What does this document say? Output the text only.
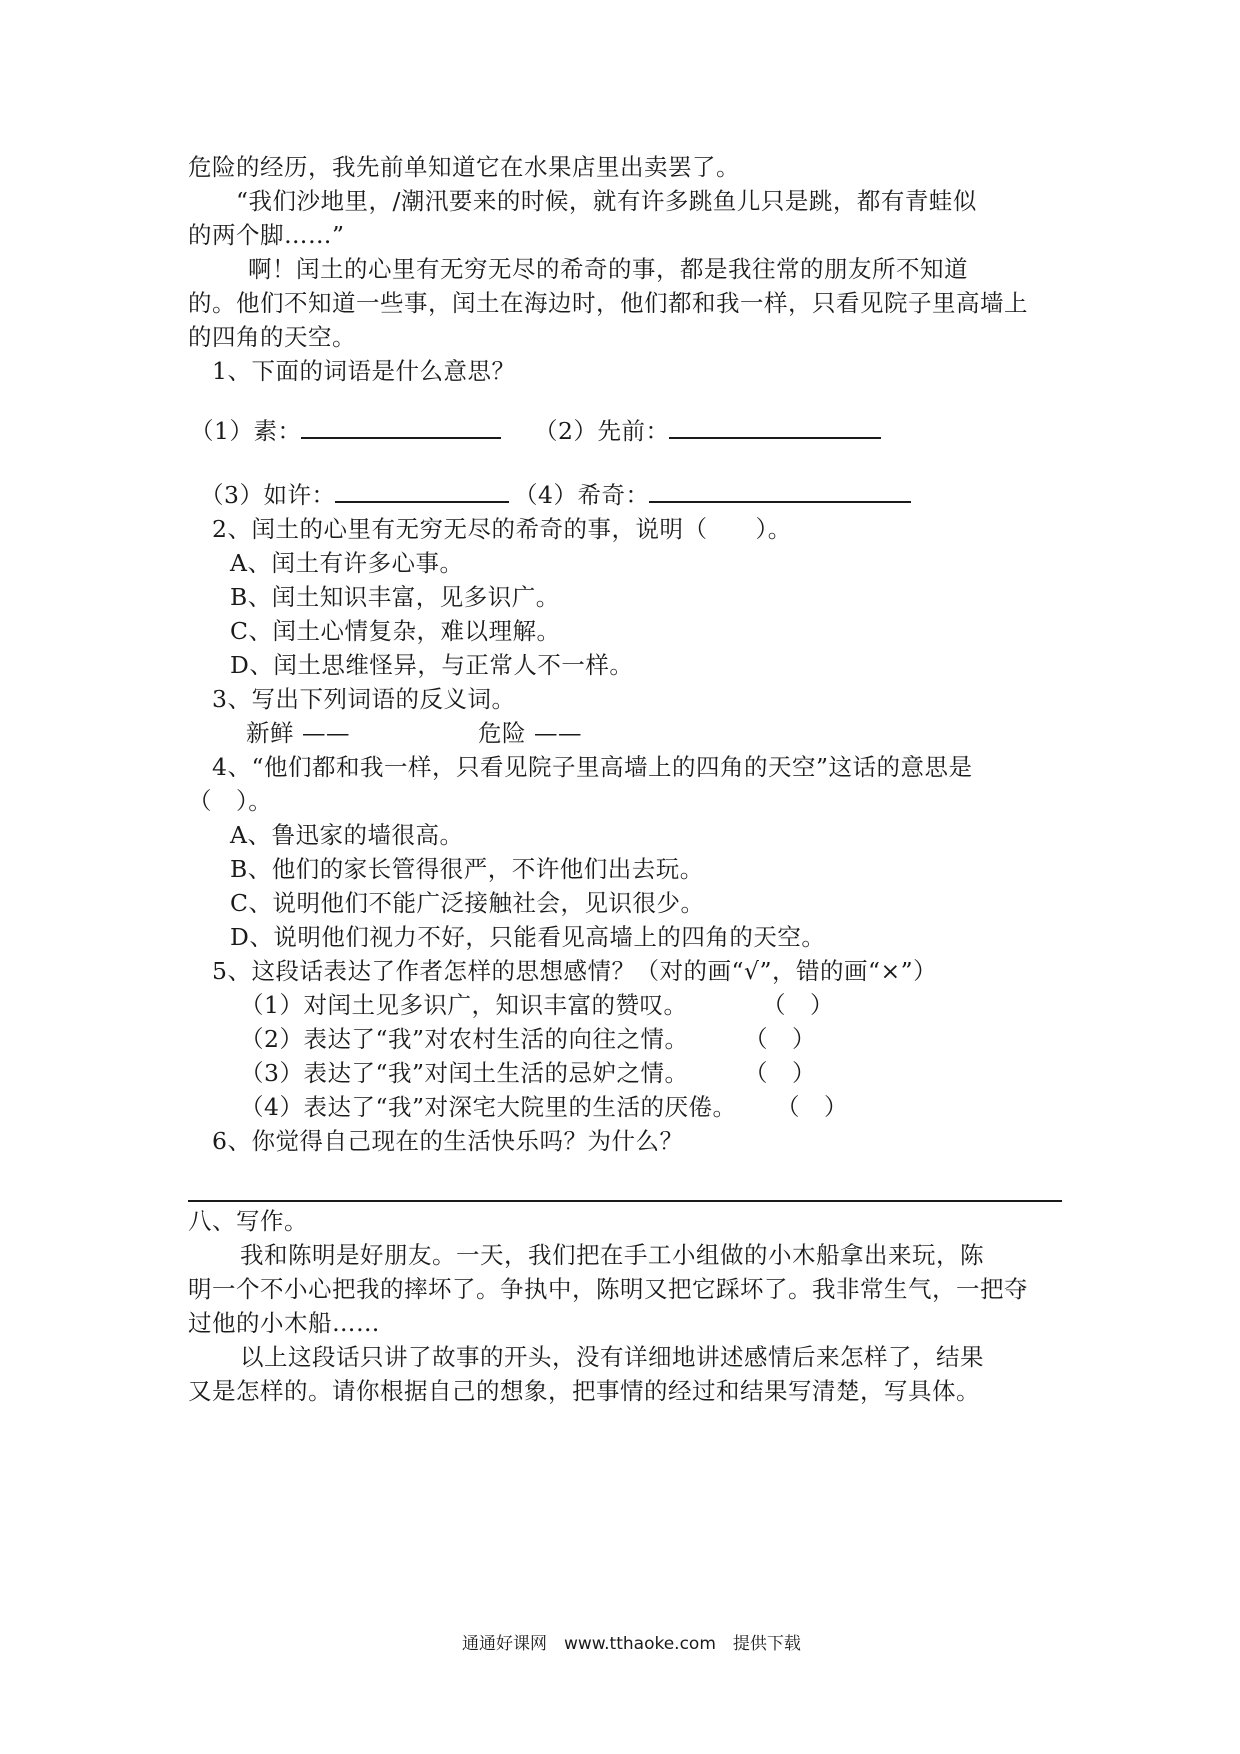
危险的经历，我先前单知道它在水果店里出卖罢了。
“我们沙地里，/潮汛要来的时候，就有许多跳鱼儿只是跳，都有青蛙似
的两个脚……”
啊！闰土的心里有无穷无尽的希奇的事，都是我往常的朋友所不知道
的。他们不知道一些事，闰土在海边时，他们都和我一样，只看见院子里高墙上
的四角的天空。
1、下面的词语是什么意思？
（1）素：	（2）先前：
（3）如许：	（4）希奇：
2、闰土的心里有无穷无尽的希奇的事，说明（　　）。
A、闰土有许多心事。
B、闰土知识丰富，见多识广。
C、闰土心情复杂，难以理解。
D、闰土思维怪异，与正常人不一样。
3、写出下列词语的反义词。
新鲜 ——	危险 ——
4、“他们都和我一样，只看见院子里高墙上的四角的天空”这话的意思是
（　）。
A、鲁迅家的墙很高。
B、他们的家长管得很严，不许他们出去玩。
C、说明他们不能广泛接触社会，见识很少。
D、说明他们视力不好，只能看见高墙上的四角的天空。
5、这段话表达了作者怎样的思想感情？（对的画“√”，错的画“×”）
（1）对闰土见多识广，知识丰富的赞叹。	（　）
（2）表达了“我”对农村生活的向往之情。 （　）
（3）表达了“我”对闰土生活的忌妒之情。 （　）
（4）表达了“我”对深宅大院里的生活的厌倦。 （　）
6、你觉得自己现在的生活快乐吗？为什么？
八、写作。
我和陈明是好朋友。一天，我们把在手工小组做的小木船拿出来玩，陈
明一个不小心把我的摔坏了。争执中，陈明又把它踩坏了。我非常生气，一把夺
过他的小木船……
以上这段话只讲了故事的开头，没有详细地讲述感情后来怎样了，结果
又是怎样的。请你根据自己的想象，把事情的经过和结果写清楚，写具体。
通通好课网　www.tthaoke.com　提供下载
